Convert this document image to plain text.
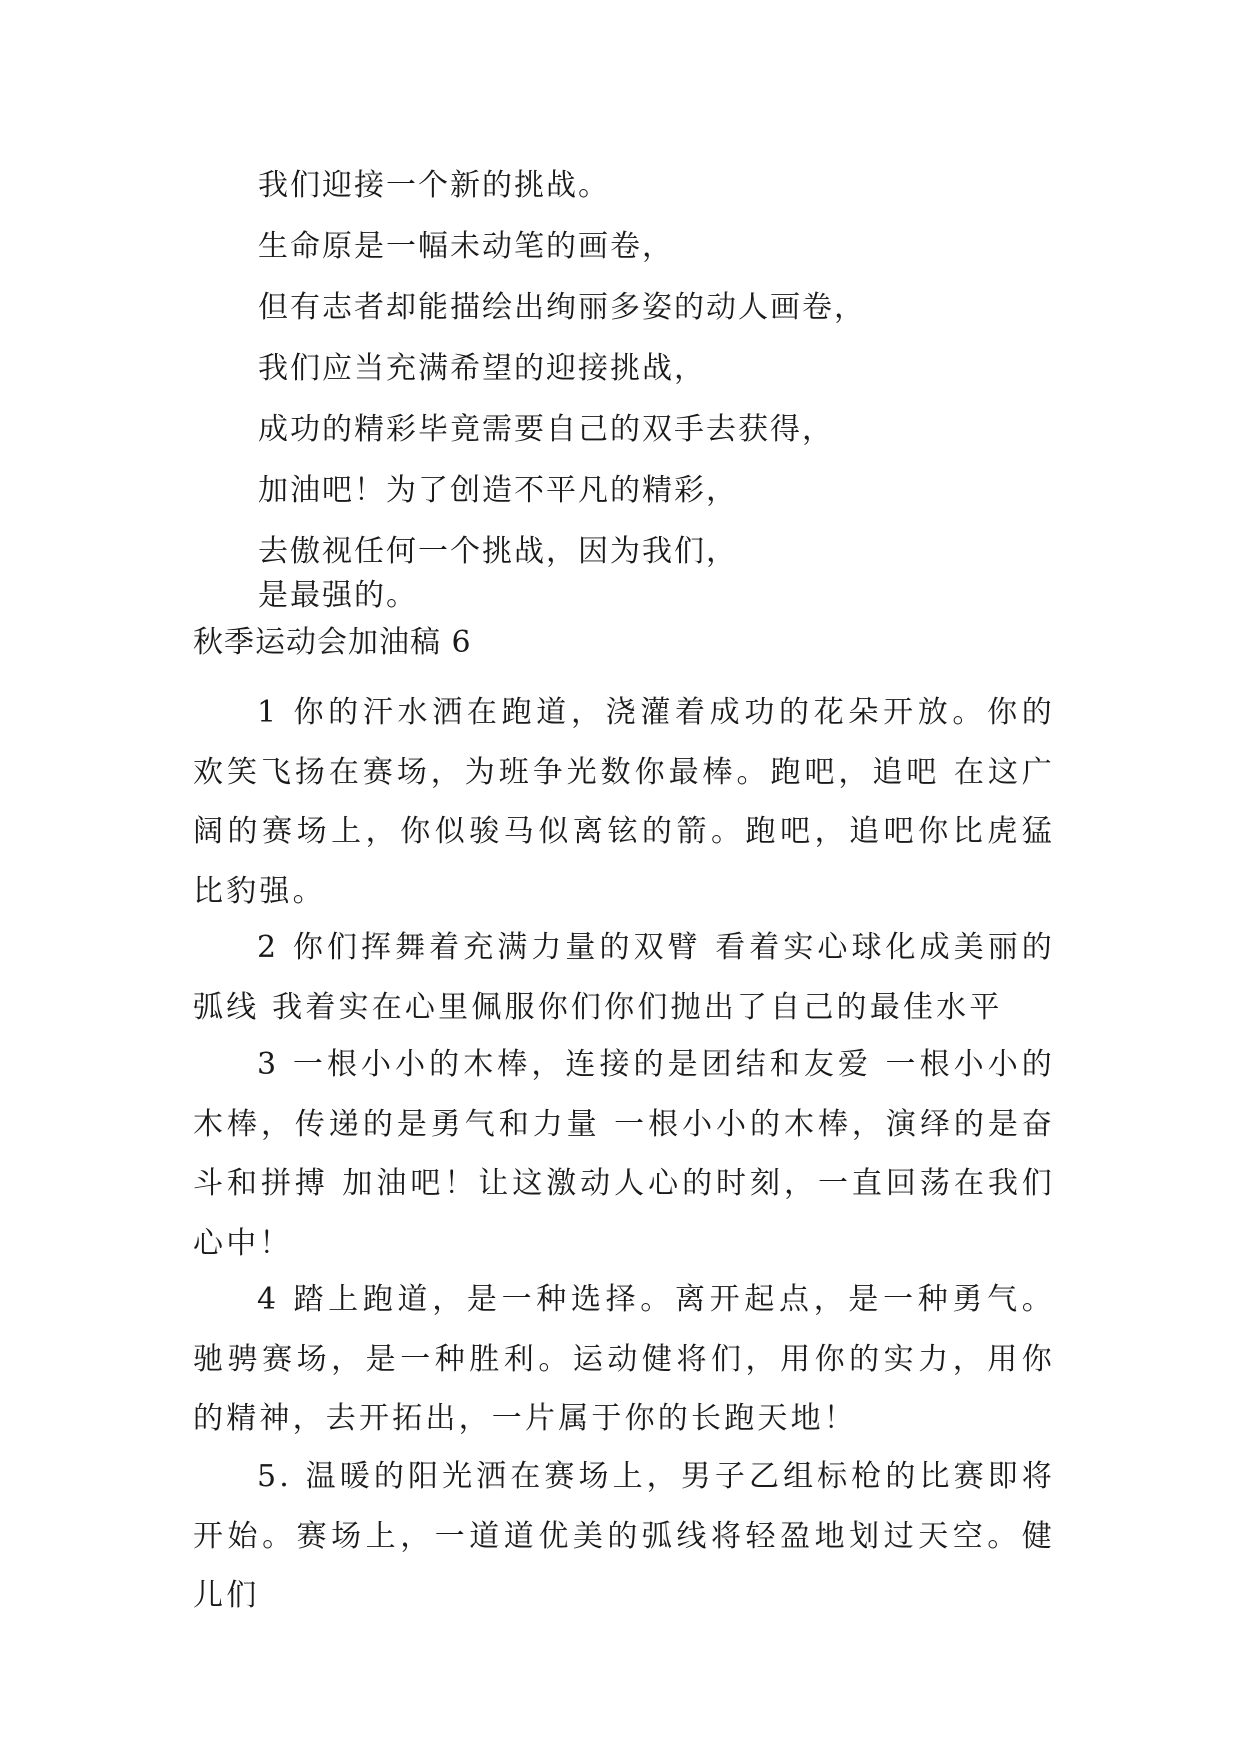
我们迎接一个新的挑战。
生命原是一幅未动笔的画卷，
但有志者却能描绘出绚丽多姿的动人画卷，
我们应当充满希望的迎接挑战，
成功的精彩毕竟需要自己的双手去获得，
加油吧！为了创造不平凡的精彩，
去傲视任何一个挑战，因为我们，
是最强的。
秋季运动会加油稿 6

1 你的汗水洒在跑道，浇灌着成功的花朵开放。你的欢笑飞扬在赛场，为班争光数你最棒。跑吧，追吧 在这广阔的赛场上，你似骏马似离铉的箭。跑吧，追吧你比虎猛比豹强。

2 你们挥舞着充满力量的双臂 看着实心球化成美丽的弧线 我着实在心里佩服你们你们抛出了自己的最佳水平

3 一根小小的木棒，连接的是团结和友爱 一根小小的木棒，传递的是勇气和力量 一根小小的木棒，演绎的是奋斗和拼搏 加油吧！让这激动人心的时刻，一直回荡在我们心中！

4 踏上跑道，是一种选择。离开起点，是一种勇气。驰骋赛场，是一种胜利。运动健将们，用你的实力，用你的精神，去开拓出，一片属于你的长跑天地！

5. 温暖的阳光洒在赛场上，男子乙组标枪的比赛即将开始。赛场上，一道道优美的弧线将轻盈地划过天空。健儿们
